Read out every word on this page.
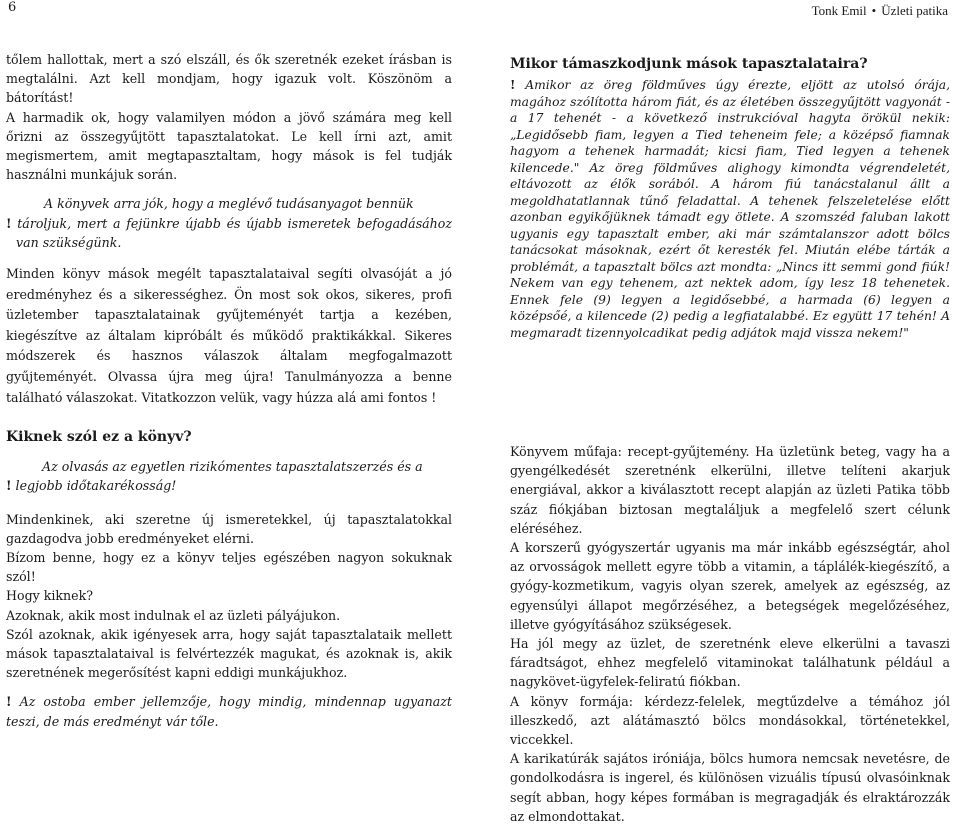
6	Tonk Emil • Üzleti patika

tőlem hallottak, mert a szó elszáll, és ők szeretnék ezeket írásban is megtalálni. Azt kell mondjam, hogy igazuk volt. Köszönöm a bátorítást!

A harmadik ok, hogy valamilyen módon a jövő számára meg kell őrizni az összegyűjtött tapasztalatokat. Le kell írni azt, amit megismertem, amit megtapasztaltam, hogy mások is fel tudják használni munkájuk során.

A könyvek arra jók, hogy a meglévő tudásanyagot bennük

! tároljuk, mert a fejünkre újabb és újabb ismeretek befogadásához van szükségünk.

Minden könyv mások megélt tapasztalataival segíti olvasóját a jó eredményhez és a sikerességhez. Ön most sok okos, sikeres, profi üzletember tapasztalatainak gyűjteményét tartja a kezében, kiegészítve az általam kipróbált és működő praktikákkal. Sikeres módszerek és hasznos válaszok általam megfogalmazott gyűjteményét. Olvassa újra meg újra! Tanulmányozza a benne található válaszokat. Vitatkozzon velük, vagy húzza alá ami fontos !

Mikor támaszkodjunk mások tapasztalataira?

! Amikor az öreg földműves úgy érezte, eljött az utolsó órája, magához szólította három fiát, és az életében összegyűjtött vagyonát - a 17 tehenét - a következő instrukcióval hagyta örökül nekik: „Legidősebb fiam, legyen a Tied teheneim fele; a középső fiamnak hagyom a tehenek harmadát; kicsi fiam, Tied legyen a tehenek kilencede." Az öreg földműves alighogy kimondta végrendeletét, eltávozott az élők sorából. A három fiú tanácstalanul állt a megoldhatatlannak tűnő feladattal. A tehenek felszeletelése előtt azonban egyikőjüknek támadt egy ötlete. A szomszéd faluban lakott ugyanis egy tapasztalt ember, aki már számtalanszor adott bölcs tanácsokat másoknak, ezért őt keresték fel. Miután elébe tárták a problémát, a tapasztalt bölcs azt mondta: „Nincs itt semmi gond fiúk! Nekem van egy tehenem, azt nektek adom, így lesz 18 tehenetek. Ennek fele (9) legyen a legidősebbé, a harmada (6) legyen a középsőé, a kilencede (2) pedig a legfiatalabbé. Ez együtt 17 tehén! A megmaradt tizennyolcadikat pedig adjátok majd vissza nekem!"

Kiknek szól ez a könyv?

Az olvasás az egyetlen rizikómentes tapasztalatszerzés és a

! legjobb időtakarékosság!

Mindenkinek, aki szeretne új ismeretekkel, új tapasztalatokkal gazdagodva jobb eredményeket elérni.

Bízom benne, hogy ez a könyv teljes egészében nagyon sokuknak szól!

Hogy kiknek?

Azoknak, akik most indulnak el az üzleti pályájukon.

Szól azoknak, akik igényesek arra, hogy saját tapasztalataik mellett mások tapasztalataival is felvértezzék magukat, és azoknak is, akik szeretnének megerősítést kapni eddigi munkájukhoz.

! Az ostoba ember jellemzője, hogy mindig, mindennap ugyanazt teszi, de más eredményt vár tőle.

Könyvem műfaja: recept-gyűjtemény. Ha üzletünk beteg, vagy ha a gyengélkedését szeretnénk elkerülni, illetve telíteni akarjuk energiával, akkor a kiválasztott recept alapján az üzleti Patika több száz fiókjában biztosan megtaláljuk a megfelelő szert célunk eléréséhez.

A korszerű gyógyszertár ugyanis ma már inkább egészségtár, ahol az orvosságok mellett egyre több a vitamin, a táplálék-kiegészítő, a gyógy-kozmetikum, vagyis olyan szerek, amelyek az egészség, az egyensúlyi állapot megőrzéséhez, a betegségek megelőzéséhez, illetve gyógyításához szükségesek.

Ha jól megy az üzlet, de szeretnénk eleve elkerülni a tavaszi fáradtságot, ehhez megfelelő vitaminokat találhatunk például a nagykövet-ügyfelek-feliratú fiókban.

A könyv formája: kérdezz-felelek, megtűzdelve a témához jól illeszkedő, azt alátámasztó bölcs mondásokkal, történetekkel, viccekkel.

A karikatúrák sajátos iróniája, bölcs humora nemcsak nevetésre, de gondolkodásra is ingerel, és különösen vizuális típusú olvasóinknak segít abban, hogy képes formában is megragadják és elraktározzák az elmondottakat.
